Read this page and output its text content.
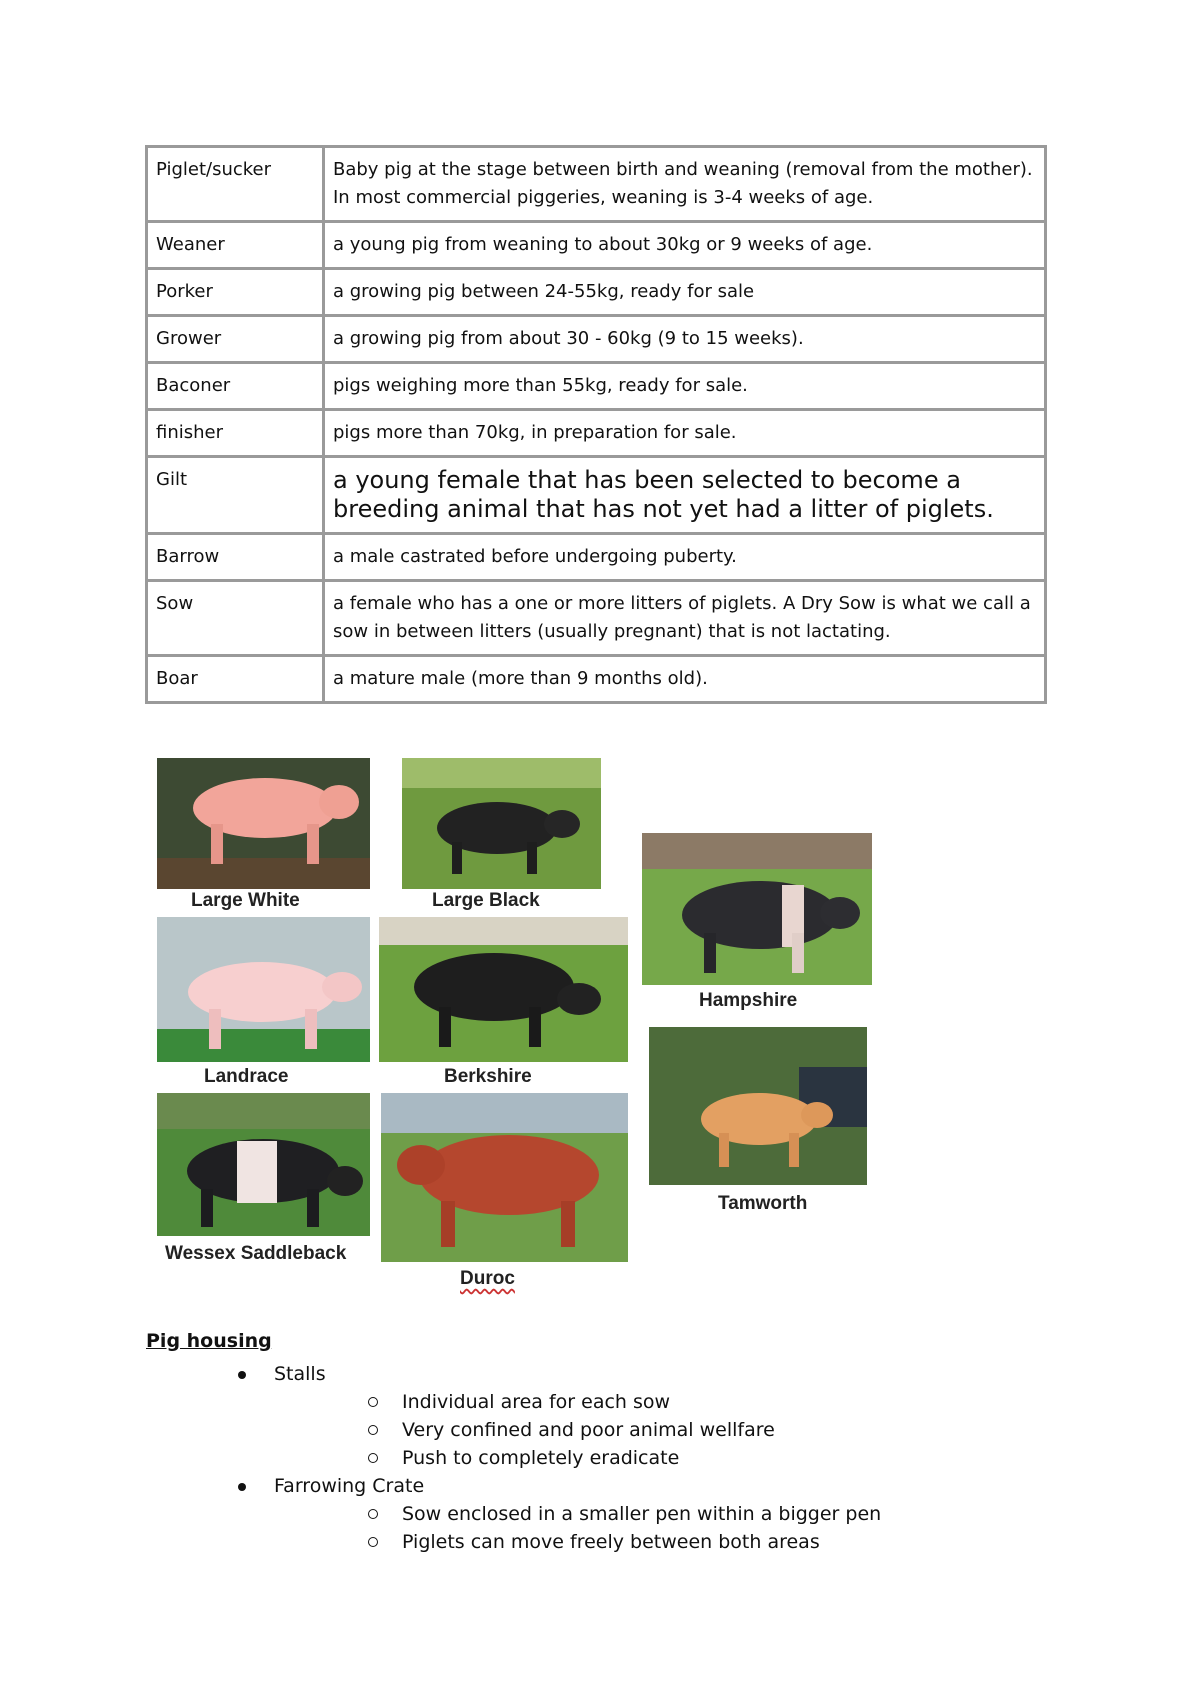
Piglet/sucker	Baby pig at the stage between birth and weaning (removal from the mother). In most commercial piggeries, weaning is 3-4 weeks of age.
Weaner	a young pig from weaning to about 30kg or 9 weeks of age.
Porker	a growing pig between 24-55kg, ready for sale
Grower	a growing pig from about 30 - 60kg (9 to 15 weeks).
Baconer	pigs weighing more than 55kg, ready for sale.
finisher	pigs more than 70kg, in preparation for sale.
Gilt	a young female that has been selected to become a breeding animal that has not yet had a litter of piglets.
Barrow	a male castrated before undergoing puberty.
Sow	a female who has a one or more litters of piglets. A Dry Sow is what we call a sow in between litters (usually pregnant) that is not lactating.
Boar	a mature male (more than 9 months old).
Large White	Large Black
Hampshire
Landrace	Berkshire
Tamworth
Wessex Saddleback
Duroc
Pig housing
Stalls
Individual area for each sow
Very confined and poor animal wellfare
Push to completely eradicate
Farrowing Crate
Sow enclosed in a smaller pen within a bigger pen
Piglets can move freely between both areas
